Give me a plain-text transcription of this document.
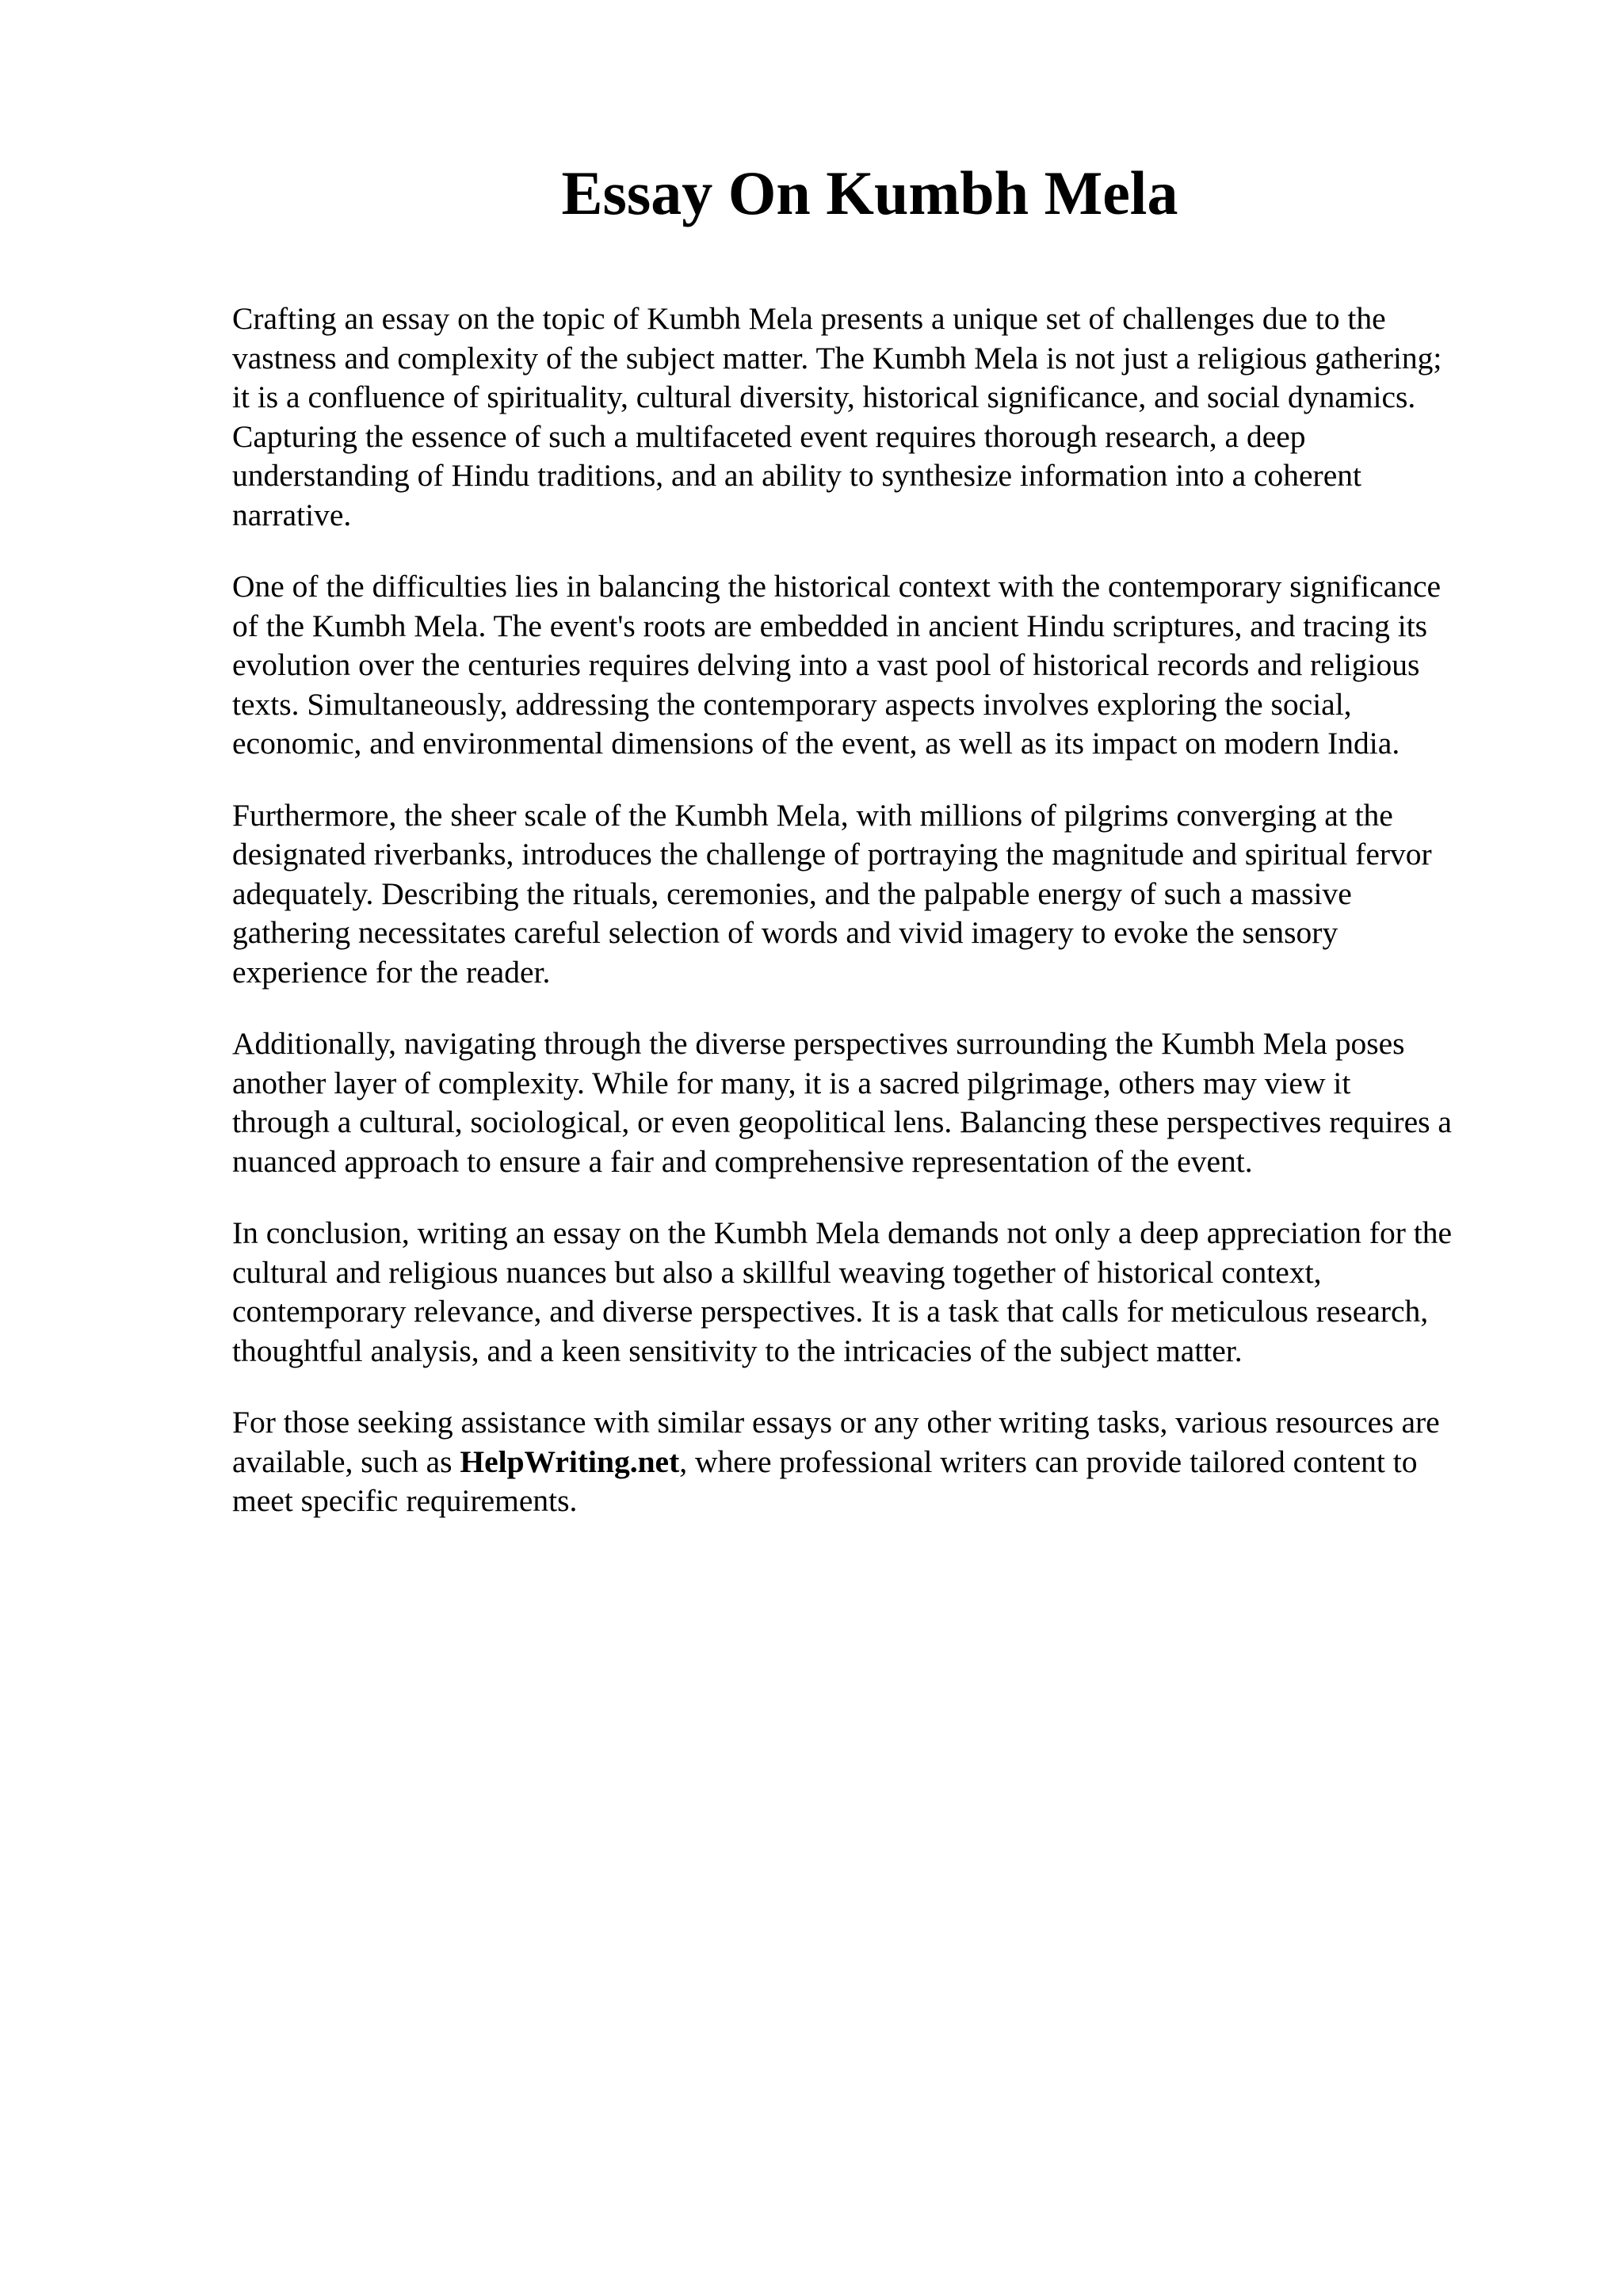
Essay On Kumbh Mela

Crafting an essay on the topic of Kumbh Mela presents a unique set of challenges due to the
vastness and complexity of the subject matter. The Kumbh Mela is not just a religious gathering;
it is a confluence of spirituality, cultural diversity, historical significance, and social dynamics.
Capturing the essence of such a multifaceted event requires thorough research, a deep
understanding of Hindu traditions, and an ability to synthesize information into a coherent
narrative.

One of the difficulties lies in balancing the historical context with the contemporary significance
of the Kumbh Mela. The event's roots are embedded in ancient Hindu scriptures, and tracing its
evolution over the centuries requires delving into a vast pool of historical records and religious
texts. Simultaneously, addressing the contemporary aspects involves exploring the social,
economic, and environmental dimensions of the event, as well as its impact on modern India.

Furthermore, the sheer scale of the Kumbh Mela, with millions of pilgrims converging at the
designated riverbanks, introduces the challenge of portraying the magnitude and spiritual fervor
adequately. Describing the rituals, ceremonies, and the palpable energy of such a massive
gathering necessitates careful selection of words and vivid imagery to evoke the sensory
experience for the reader.

Additionally, navigating through the diverse perspectives surrounding the Kumbh Mela poses
another layer of complexity. While for many, it is a sacred pilgrimage, others may view it
through a cultural, sociological, or even geopolitical lens. Balancing these perspectives requires a
nuanced approach to ensure a fair and comprehensive representation of the event.

In conclusion, writing an essay on the Kumbh Mela demands not only a deep appreciation for the
cultural and religious nuances but also a skillful weaving together of historical context,
contemporary relevance, and diverse perspectives. It is a task that calls for meticulous research,
thoughtful analysis, and a keen sensitivity to the intricacies of the subject matter.

For those seeking assistance with similar essays or any other writing tasks, various resources are
available, such as HelpWriting.net, where professional writers can provide tailored content to
meet specific requirements.
